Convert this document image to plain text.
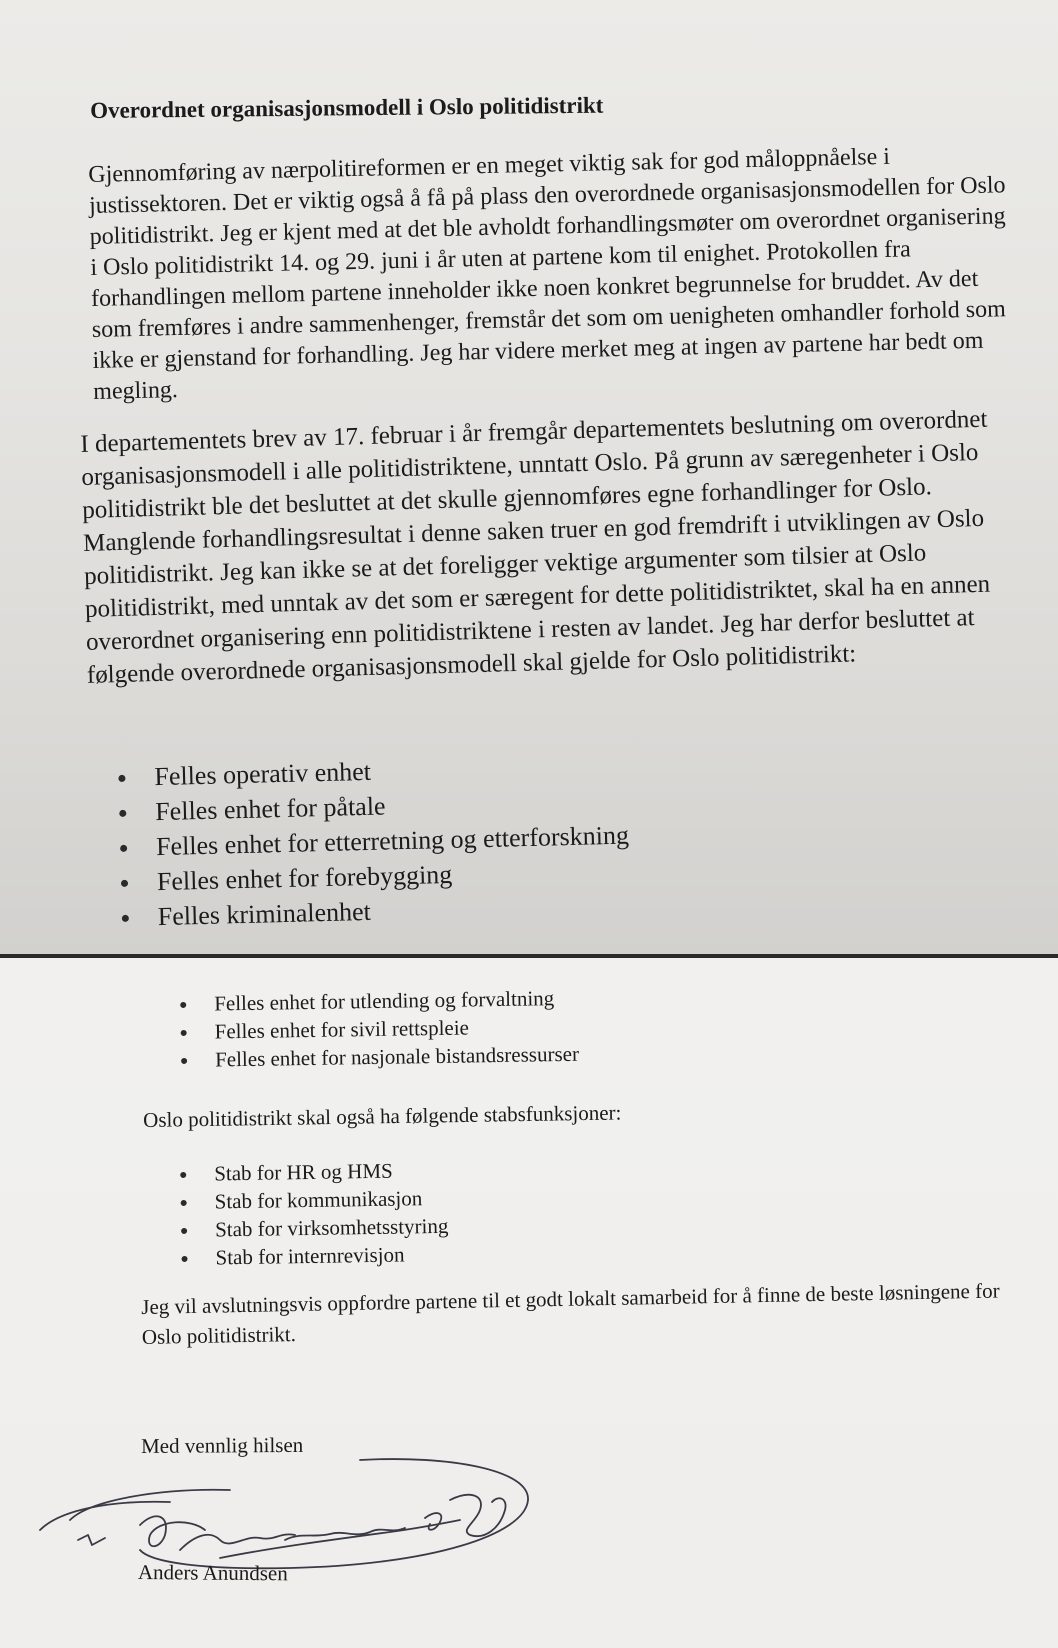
Overordnet organisasjonsmodell i Oslo politidistrikt

Gjennomføring av nærpolitireformen er en meget viktig sak for god måloppnåelse i justissektoren. Det er viktig også å få på plass den overordnede organisasjonsmodellen for Oslo politidistrikt. Jeg er kjent med at det ble avholdt forhandlingsmøter om overordnet organisering i Oslo politidistrikt 14. og 29. juni i år uten at partene kom til enighet. Protokollen fra forhandlingen mellom partene inneholder ikke noen konkret begrunnelse for bruddet. Av det som fremføres i andre sammenhenger, fremstår det som om uenigheten omhandler forhold som ikke er gjenstand for forhandling. Jeg har videre merket meg at ingen av partene har bedt om megling.

I departementets brev av 17. februar i år fremgår departementets beslutning om overordnet organisasjonsmodell i alle politidistriktene, unntatt Oslo. På grunn av særegenheter i Oslo politidistrikt ble det besluttet at det skulle gjennomføres egne forhandlinger for Oslo. Manglende forhandlingsresultat i denne saken truer en god fremdrift i utviklingen av Oslo politidistrikt. Jeg kan ikke se at det foreligger vektige argumenter som tilsier at Oslo politidistrikt, med unntak av det som er særegent for dette politidistriktet, skal ha en annen overordnet organisering enn politidistriktene i resten av landet. Jeg har derfor besluttet at følgende overordnede organisasjonsmodell skal gjelde for Oslo politidistrikt:

Felles operativ enhet
Felles enhet for påtale
Felles enhet for etterretning og etterforskning
Felles enhet for forebygging
Felles kriminalenhet
Felles enhet for utlending og forvaltning
Felles enhet for sivil rettspleie
Felles enhet for nasjonale bistandsressurser

Oslo politidistrikt skal også ha følgende stabsfunksjoner:

Stab for HR og HMS
Stab for kommunikasjon
Stab for virksomhetsstyring
Stab for internrevisjon

Jeg vil avslutningsvis oppfordre partene til et godt lokalt samarbeid for å finne de beste løsningene for Oslo politidistrikt.

Med vennlig hilsen

Anders Anundsen
